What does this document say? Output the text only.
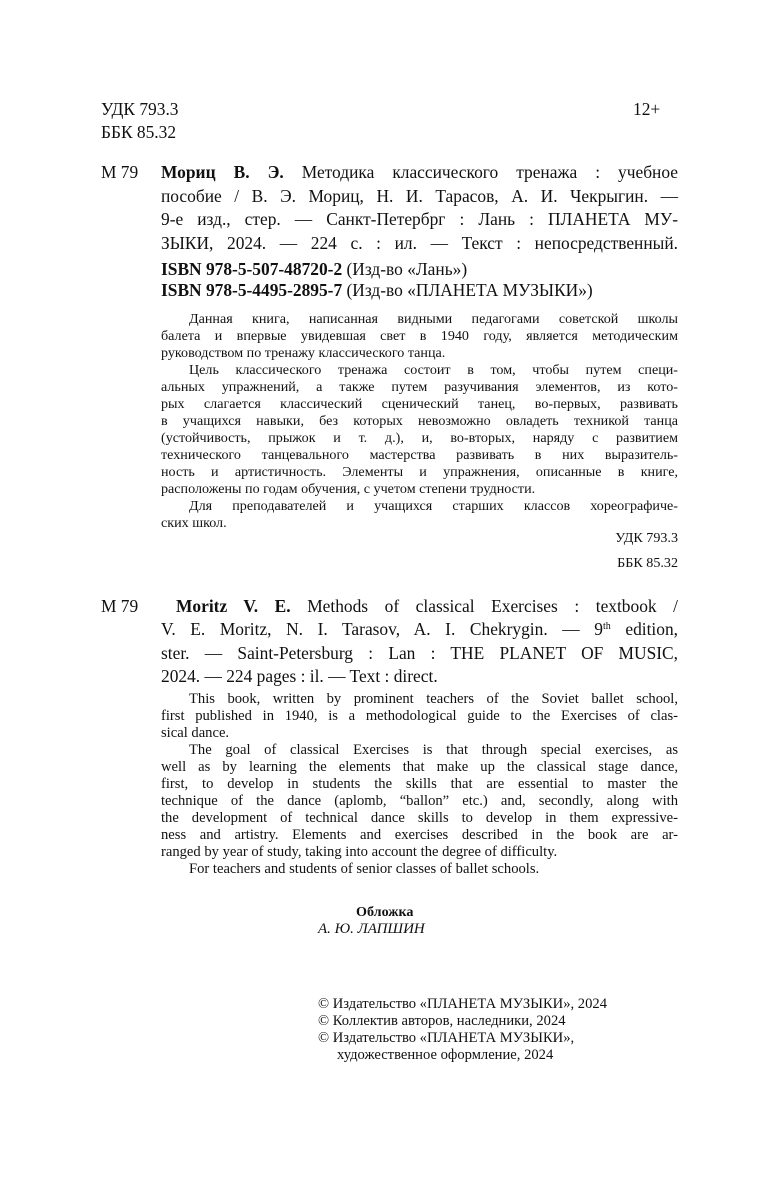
УДК 793.3
ББК 85.32
12+
М 79 Мориц В. Э. Методика классического тренажа : учебное
пособие / В. Э. Мориц, Н. И. Тарасов, А. И. Чекрыгин. —
9-е изд., стер. — Санкт-Петербрг : Лань : ПЛАНЕТА МУ-
ЗЫКИ, 2024. — 224 с. : ил. — Текст : непосредственный.
ISBN 978-5-507-48720-2 (Изд-во «Лань»)
ISBN 978-5-4495-2895-7 (Изд-во «ПЛАНЕТА МУЗЫКИ»)
Данная книга, написанная видными педагогами советской школы
балета и впервые увидевшая свет в 1940 году, является методическим
руководством по тренажу классического танца.
Цель классического тренажа состоит в том, чтобы путем специ-
альных упражнений, а также путем разучивания элементов, из кото-
рых слагается классический сценический танец, во-первых, развивать
в учащихся навыки, без которых невозможно овладеть техникой танца
(устойчивость, прыжок и т. д.), и, во-вторых, наряду с развитием
технического танцевального мастерства развивать в них выразитель-
ность и артистичность. Элементы и упражнения, описанные в книге,
расположены по годам обучения, с учетом степени трудности.
Для преподавателей и учащихся старших классов хореографиче-
ских школ.
УДК 793.3
ББК 85.32
M 79 Moritz V. E. Methods of classical Exercises : textbook /
V. E. Moritz, N. I. Tarasov, A. I. Chekrygin. — 9th edition,
ster. — Saint-Petersburg : Lan : THE PLANET OF MUSIC,
2024. — 224 pages : il. — Text : direct.
This book, written by prominent teachers of the Soviet ballet school,
first published in 1940, is a methodological guide to the Exercises of clas-
sical dance.
The goal of classical Exercises is that through special exercises, as
well as by learning the elements that make up the classical stage dance,
first, to develop in students the skills that are essential to master the
technique of the dance (aplomb, “ballon” etc.) and, secondly, along with
the development of technical dance skills to develop in them expressive-
ness and artistry. Elements and exercises described in the book are ar-
ranged by year of study, taking into account the degree of difficulty.
For teachers and students of senior classes of ballet schools.
Обложка
А. Ю. ЛАПШИН
© Издательство «ПЛАНЕТА МУЗЫКИ», 2024
© Коллектив авторов, наследники, 2024
© Издательство «ПЛАНЕТА МУЗЫКИ»,
художественное оформление, 2024
